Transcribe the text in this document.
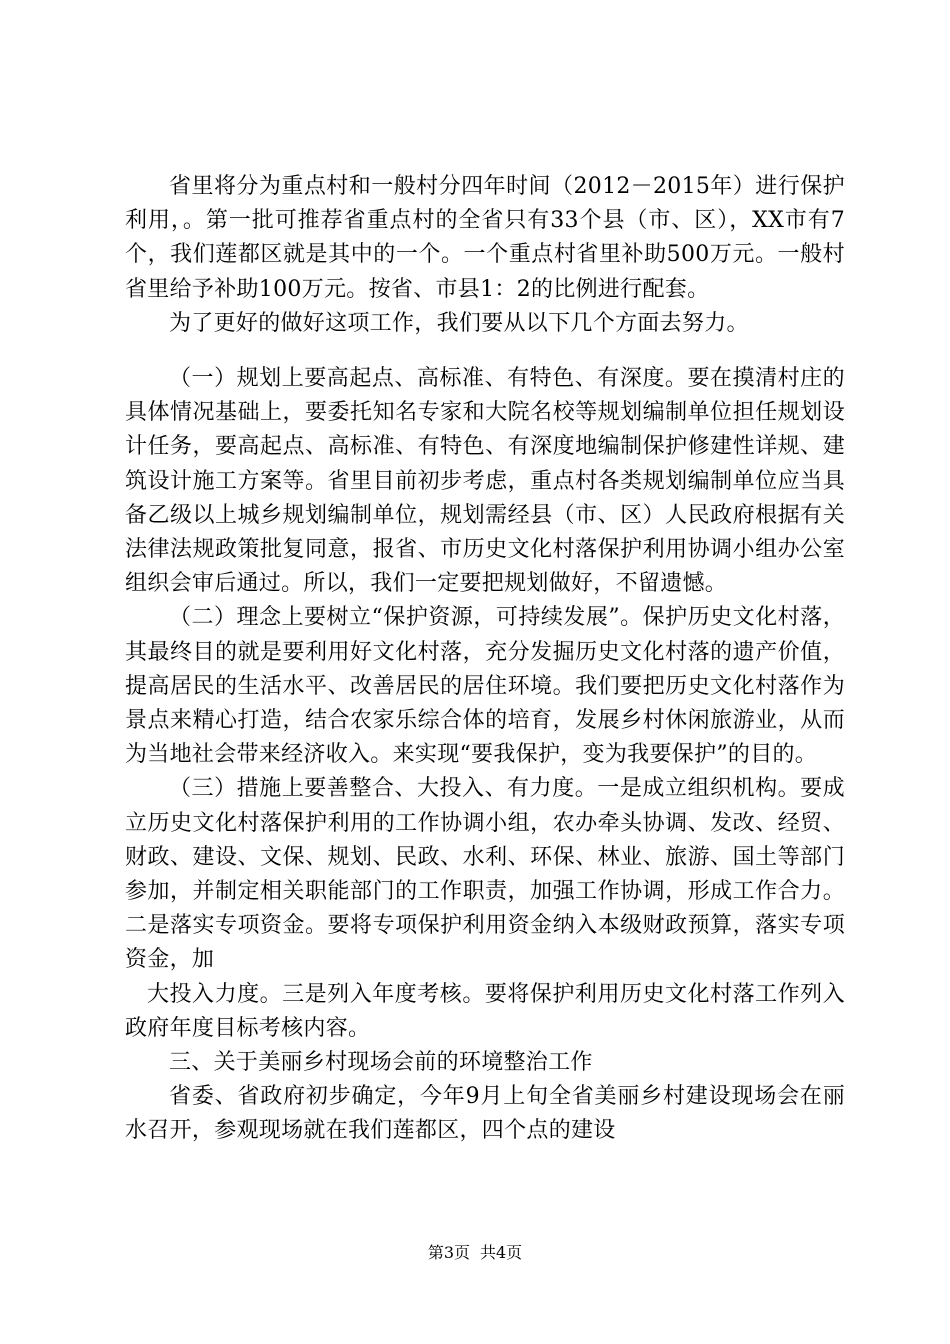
省里将分为重点村和一般村分四年时间（2012－2015年）进行保护利用，。第一批可推荐省重点村的全省只有33个县（市、区），XX市有7个，我们莲都区就是其中的一个。一个重点村省里补助500万元。一般村省里给予补助100万元。按省、市县1：2的比例进行配套。

为了更好的做好这项工作，我们要从以下几个方面去努力。

（一）规划上要高起点、高标准、有特色、有深度。要在摸清村庄的具体情况基础上，要委托知名专家和大院名校等规划编制单位担任规划设计任务，要高起点、高标准、有特色、有深度地编制保护修建性详规、建筑设计施工方案等。省里目前初步考虑，重点村各类规划编制单位应当具备乙级以上城乡规划编制单位，规划需经县（市、区）人民政府根据有关法律法规政策批复同意，报省、市历史文化村落保护利用协调小组办公室组织会审后通过。所以，我们一定要把规划做好，不留遗憾。

（二）理念上要树立“保护资源，可持续发展”。保护历史文化村落，其最终目的就是要利用好文化村落，充分发掘历史文化村落的遗产价值，提高居民的生活水平、改善居民的居住环境。我们要把历史文化村落作为景点来精心打造，结合农家乐综合体的培育，发展乡村休闲旅游业，从而为当地社会带来经济收入。来实现“要我保护，变为我要保护”的目的。

（三）措施上要善整合、大投入、有力度。一是成立组织机构。要成立历史文化村落保护利用的工作协调小组，农办牵头协调、发改、经贸、财政、建设、文保、规划、民政、水利、环保、林业、旅游、国土等部门参加，并制定相关职能部门的工作职责，加强工作协调，形成工作合力。二是落实专项资金。要将专项保护利用资金纳入本级财政预算，落实专项资金，加

大投入力度。三是列入年度考核。要将保护利用历史文化村落工作列入政府年度目标考核内容。

三、关于美丽乡村现场会前的环境整治工作

省委、省政府初步确定，今年9月上旬全省美丽乡村建设现场会在丽水召开，参观现场就在我们莲都区，四个点的建设

第3页 共4页
